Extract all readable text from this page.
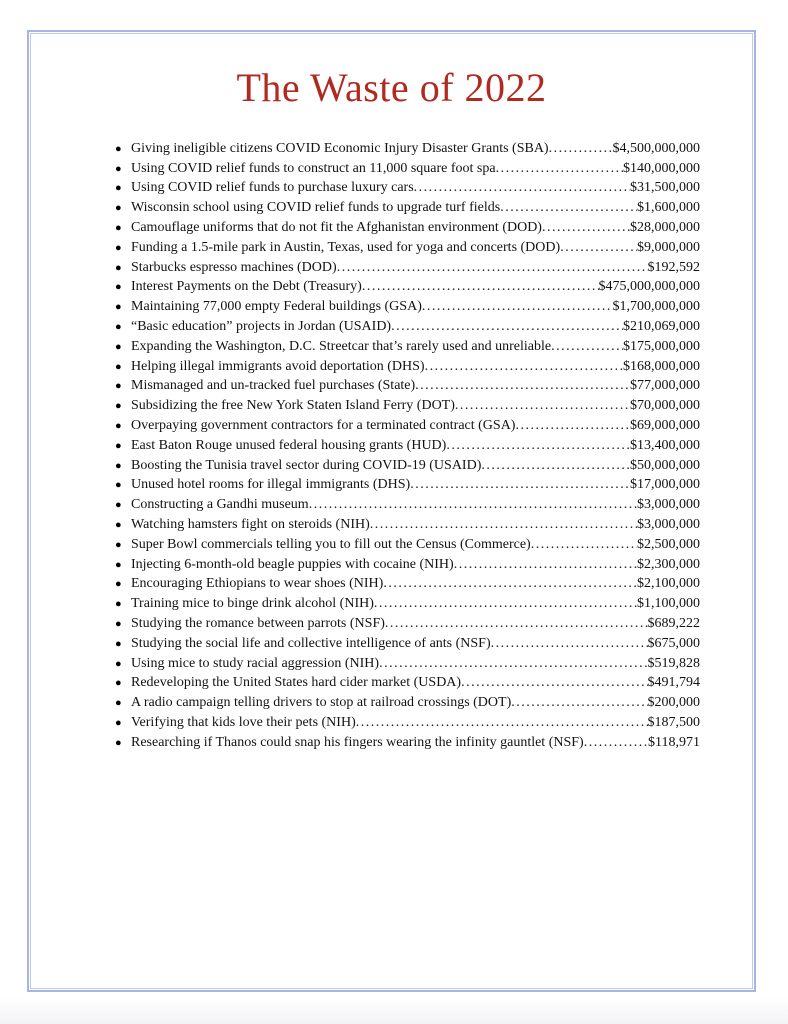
The Waste of 2022
● Giving ineligible citizens COVID Economic Injury Disaster Grants (SBA) .....	$4,500,000,000
● Using COVID relief funds to construct an 11,000 square foot spa .....	$140,000,000
● Using COVID relief funds to purchase luxury cars .....	$31,500,000
● Wisconsin school using COVID relief funds to upgrade turf fields .....	$1,600,000
● Camouflage uniforms that do not fit the Afghanistan environment (DOD) .....	$28,000,000
● Funding a 1.5-mile park in Austin, Texas, used for yoga and concerts (DOD) .....	$9,000,000
● Starbucks espresso machines (DOD) .....	$192,592
● Interest Payments on the Debt (Treasury) .....	$475,000,000,000
● Maintaining 77,000 empty Federal buildings (GSA) .....	$1,700,000,000
● “Basic education” projects in Jordan (USAID) .....	$210,069,000
● Expanding the Washington, D.C. Streetcar that’s rarely used and unreliable .....	$175,000,000
● Helping illegal immigrants avoid deportation (DHS) .....	$168,000,000
● Mismanaged and un-tracked fuel purchases (State) .....	$77,000,000
● Subsidizing the free New York Staten Island Ferry (DOT) .....	$70,000,000
● Overpaying government contractors for a terminated contract (GSA) .....	$69,000,000
● East Baton Rouge unused federal housing grants (HUD) .....	$13,400,000
● Boosting the Tunisia travel sector during COVID-19 (USAID) .....	$50,000,000
● Unused hotel rooms for illegal immigrants (DHS) .....	$17,000,000
● Constructing a Gandhi museum .....	$3,000,000
● Watching hamsters fight on steroids (NIH) .....	$3,000,000
● Super Bowl commercials telling you to fill out the Census (Commerce) .....	$2,500,000
● Injecting 6-month-old beagle puppies with cocaine (NIH) .....	$2,300,000
● Encouraging Ethiopians to wear shoes (NIH) .....	$2,100,000
● Training mice to binge drink alcohol (NIH) .....	$1,100,000
● Studying the romance between parrots (NSF) .....	$689,222
● Studying the social life and collective intelligence of ants (NSF) .....	$675,000
● Using mice to study racial aggression (NIH) .....	$519,828
● Redeveloping the United States hard cider market (USDA) .....	$491,794
● A radio campaign telling drivers to stop at railroad crossings (DOT) .....	$200,000
● Verifying that kids love their pets (NIH) .....	$187,500
● Researching if Thanos could snap his fingers wearing the infinity gauntlet (NSF) .....	$118,971
